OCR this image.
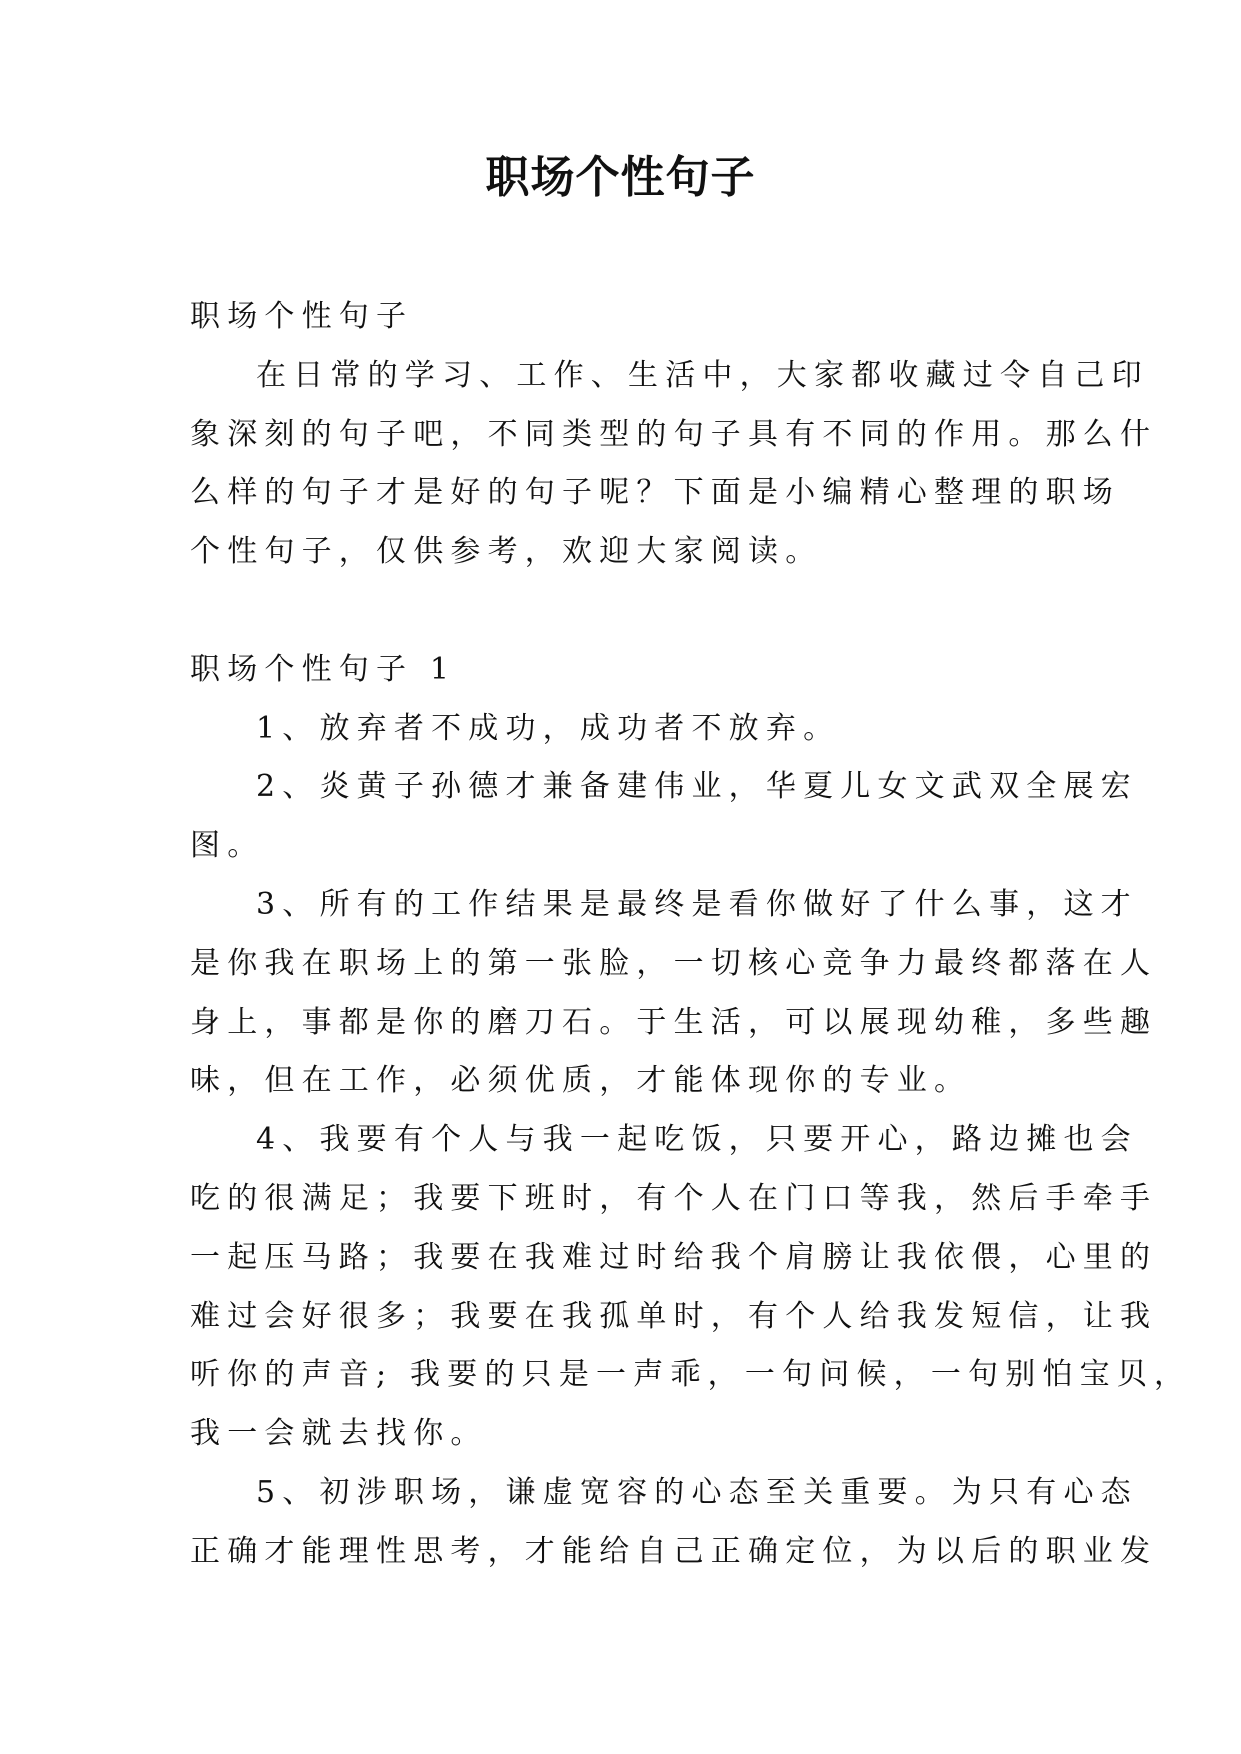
职场个性句子

职场个性句子

在日常的学习、工作、生活中，大家都收藏过令自己印

象深刻的句子吧，不同类型的句子具有不同的作用。那么什

么样的句子才是好的句子呢？下面是小编精心整理的职场

个性句子，仅供参考，欢迎大家阅读。

职场个性句子 1

1、放弃者不成功，成功者不放弃。

2、炎黄子孙德才兼备建伟业，华夏儿女文武双全展宏

图。

3、所有的工作结果是最终是看你做好了什么事，这才

是你我在职场上的第一张脸，一切核心竞争力最终都落在人

身上，事都是你的磨刀石。于生活，可以展现幼稚，多些趣

味，但在工作，必须优质，才能体现你的专业。

4、我要有个人与我一起吃饭，只要开心，路边摊也会

吃的很满足；我要下班时，有个人在门口等我，然后手牵手

一起压马路；我要在我难过时给我个肩膀让我依偎，心里的

难过会好很多；我要在我孤单时，有个人给我发短信，让我

听你的声音; 我要的只是一声乖，一句问候，一句别怕宝贝，

我一会就去找你。

5、初涉职场，谦虚宽容的心态至关重要。为只有心态

正确才能理性思考，才能给自己正确定位，为以后的职业发
